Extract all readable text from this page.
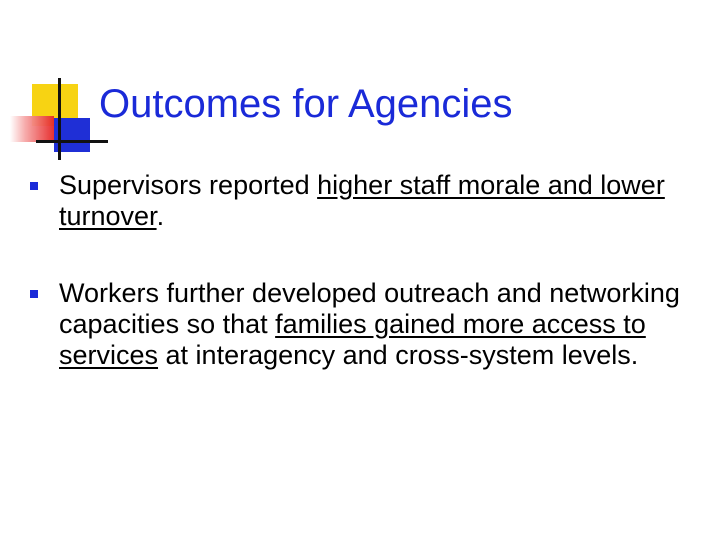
Outcomes for Agencies
Supervisors reported higher staff morale and lower turnover.
Workers further developed outreach and networking capacities so that families gained more access to services at interagency and cross-system levels.
